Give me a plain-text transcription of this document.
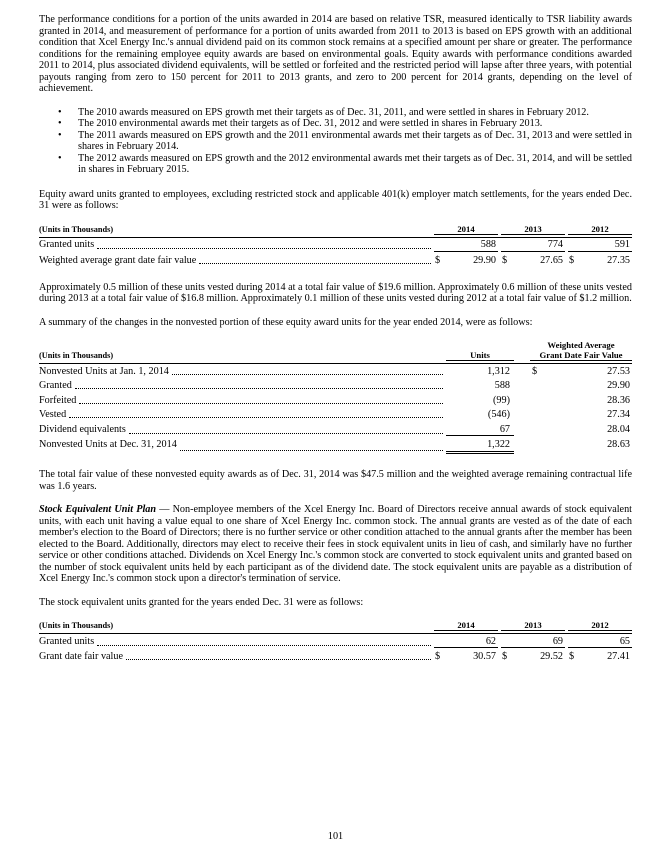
The performance conditions for a portion of the units awarded in 2014 are based on relative TSR, measured identically to TSR liability awards granted in 2014, and measurement of performance for a portion of units awarded from 2011 to 2013 is based on EPS growth with an additional condition that Xcel Energy Inc.'s annual dividend paid on its common stock remains at a specified amount per share or greater. The performance conditions for the remaining employee equity awards are based on environmental goals. Equity awards with performance conditions awarded 2011 to 2014, plus associated dividend equivalents, will be settled or forfeited and the restricted period will lapse after three years, with potential payouts ranging from zero to 150 percent for 2011 to 2013 grants, and zero to 200 percent for 2014 grants, depending on the level of achievement.

•	The 2010 awards measured on EPS growth met their targets as of Dec. 31, 2011, and were settled in shares in February 2012.
•	The 2010 environmental awards met their targets as of Dec. 31, 2012 and were settled in shares in February 2013.
•	The 2011 awards measured on EPS growth and the 2011 environmental awards met their targets as of Dec. 31, 2013 and were settled in shares in February 2014.
•	The 2012 awards measured on EPS growth and the 2012 environmental awards met their targets as of Dec. 31, 2014, and will be settled in shares in February 2015.

Equity award units granted to employees, excluding restricted stock and applicable 401(k) employer match settlements, for the years ended Dec. 31 were as follows:

(Units in Thousands)	2014	2013	2012
Granted units	588	774	591
Weighted average grant date fair value	$	29.90 $	27.65 $	27.35

Approximately 0.5 million of these units vested during 2014 at a total fair value of $19.6 million. Approximately 0.6 million of these units vested during 2013 at a total fair value of $16.8 million. Approximately 0.1 million of these units vested during 2012 at a total fair value of $1.2 million.

A summary of the changes in the nonvested portion of these equity award units for the year ended 2014, were as follows:

(Units in Thousands)	Units
Weighted Average
Grant Date Fair Value
Nonvested Units at Jan. 1, 2014	1,312	$	27.53
Granted	588	29.90
Forfeited	(99)	28.36
Vested	(546)	27.34
Dividend equivalents	67	28.04
Nonvested Units at Dec. 31, 2014	1,322	28.63

The total fair value of these nonvested equity awards as of Dec. 31, 2014 was $47.5 million and the weighted average remaining contractual life was 1.6 years.

Stock Equivalent Unit Plan — Non-employee members of the Xcel Energy Inc. Board of Directors receive annual awards of stock equivalent units, with each unit having a value equal to one share of Xcel Energy Inc. common stock. The annual grants are vested as of the date of each member's election to the Board of Directors; there is no further service or other condition attached to the annual grants after the member has been elected to the Board. Additionally, directors may elect to receive their fees in stock equivalent units in lieu of cash, and similarly have no further service or other conditions attached. Dividends on Xcel Energy Inc.'s common stock are converted to stock equivalent units and granted based on the number of stock equivalent units held by each participant as of the dividend date. The stock equivalent units are payable as a distribution of Xcel Energy Inc.'s common stock upon a director's termination of service.

The stock equivalent units granted for the years ended Dec. 31 were as follows:

(Units in Thousands)	2014	2013	2012
Granted units	62	69	65
Grant date fair value	$	30.57 $	29.52 $	27.41
101
